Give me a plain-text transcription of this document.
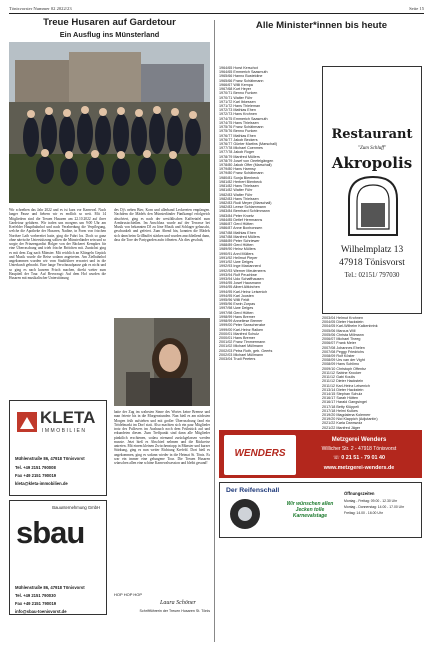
Tönisvorster Nummer 02 2022/23	Seite 15
Treue Husaren auf Gardetour
Ein Ausflug ins Münsterland
Wir schreiben das Jahr 2022 und es ist kurz vor Karneval. Nach langer Pause und fiebern wir es endlich so weit. Mit 14 Mitgliedern sind die Treuen Husaren am 22.10.2022 auf ihrer Gardetour gefahren. Wir trafen uns morgens um 9:00 Uhr am Krefelder Hauptbahnhof und nach Verabredung die Verpflegung, welche die Apotheke der Husaren, Nadine, in Form von frischen Nordsee Laib vorbereitet hatte, ging die Fahrt los. Doch so ganz ohne närrische Unterstützung sollten die Münsterländer sein und so sorgte der Prinzengardist Holger von der Bäckerei Kempkes für eine Überraschung und trieb frische Brötchen mit. Zunächst ging es mit dem Zug nach Münster. Mit reichlich an Klüngeln Gepäck und Musik wurde die Reise sodann angetreten. Am Zielbahnhof angekommen wurden wir vom Stadtführer erwartet und in die Unterkunft gebracht. Eine lange Verschnaufpause gab es nicht und so ging es nach kurzem Frisch machen, direkt weiter zum Hauptteil der Tour. Auf Bevorzugt: Auf dem Hof wurden die Husaren mit musikalischer Unterstützung
des Dj's neben Bier, Korn und allerhand Leckereien empfangen. Nachdem die Mädels den Münsterländer Fünfkampf erfolgreich absolviert, ging es nach der westfälischen Kaffeetafel zum Armbrustschießen. Im Anschluss wurde auf der Terrasse bei Musik von bekannten DJ zu löne Musik und Schlager gelauscht, geschunkelt und gefeiert. Zum Abend hin, konnten die Mädels sich dann beim Grillbuffet stärken und wurden anschließend dann, dass die Tore der Partygarden aufn öffneten. Als dies geschah,
hatte der Zug im wahrsten Sinne des Wortes keine Bremse und man feierte bis in die Morgenstunden. Nun hieß es am nächsten Morgen früh aufstehen und mit großer Überraschung fand ein Trödelmarkt im Dorf statt. Also machten sich ein paar Mitglieder trotz des Pullovers im Ausbauch noch dem Frühstück auf und erkundeten diesen. Zum Treffpunkt sind dann alle Mitglieder pünktlich erschienen, sodass niemand zurückgelassen werden musste. Jetzt hieß es Abschied nehmen und die Rückreise antreten. Mit einem kleinen Zwischenstopp in Münster und kurzer Stärkung, ging es nun weiter Richtung Krefeld. Dort hieß es angekommen, ging es sodann wieder in die Heimat St. Tönis. Es war ein immer eine gelungene Tour. Die Treuen Husaren wünschen allen eine schöne Karnevalssession und bleibt gesund!
HOP HOP HOP
Laura Schöner
Schriftführerin der Treuen Husaren St. Tönis
KLETA
IMMOBILIEN
Mühlenstraße 86, 47918 Tönisvorst
Tel. +49 2151 790008
Fax +49 2151 790019
kleta@kleta-immobilien.de
Bauunternehmung GmbH
sbau
Mühlenstraße 86, 47918 Tönisvorst
Tel. +49 2151 790030
Fax +49 2151 790019
info@sbau-toenisvorst.de
Alle Minister*innen bis heute
1964/65 Horst Kerschot
1964/65 Emmerich Saasmuth
1965/66 Hanno Busteldine
1965/66 Franz Schäbmann
1966/67 Willi Kempa
1967/68 Kurt Heyer
1970/71 Benno Funken
1970/71 Walter Führ
1971/72 Karl Ibkessen
1971/72 Hans Thieleman
1972/73 Mathias Ehen
1972/73 Hans Krohnen
1974/75 Emmerich Saasmuth
1974/75 Hans Thielssen
1975/76 Franz Schäbmann
1975/76 Benno Funken
1976/77 Mathias Ehen
1976/77 Jakob Beckers
1976/77 Günter Martins (Marschall)
1977/78 Michael Coenmes
1977/78 Jakob Roger
1978/79 Manfred Müllers
1978/79 Josef von Oeefelgängen
1978/80 Jakob Offer (Marschall)
1979/80 Hans Harmsy
1979/80 Franz Schäbmann
1980/81 Sonja Bienbeck
1981/82 Herbert Bienbeck
1981/82 Hans Thielssen
1981/82 Walter Führ
1982/83 Walter Führ
1982/83 Hans Thielssen
1982/83 Rudi Meyer (Marschall)
1982/83 Leese Schlammann
1983/84 Bernhard Schlimmann
1983/84 Peter Kroetz
1984/85 Detlef Herrmanns
1986/87 Gerd Hütten
1986/87 Anne Boxhorssen
1987/88 Mathias Ehen
1987/88 Manfred Müllers
1988/89 Peter Schriewer
1988/89 Gerd Hütten
1989/90 Heinz Müllers
1990/91 Anni Müllers
1991/92 Hellmut Pieper
1991/92 Uwe Delges
1992/93 Inge Maxiannerd
1992/93 Werner Meuleneers
1993/94 Rolf Peuchlwe
1993/94 Udo Schaffhausen
1994/95 Josef Hausmann
1994/95 Albert Altkirchen
1994/95 Karl-Heinz Leisenich
1994/95 Karl Joosten
1995/96 Willi Feldt
1995/96 Erwin Zorpas
1997/98 Uwe Delges
1997/98 Gerd Hütten
1998/99 Hans Bremer
1998/99 Anneliese Bremer
1999/00 Peter Sanschenzke
1999/00 Karl-Heinz Raiken
2000/01 Manfred Schulz
2000/01 Hans Bremer
2001/02 Franz Timmermann
2001/02 Michael Müllmann
2002/03 Petra Roth, geb. Geerts
2002/03 Michael Müllmann
2003/04 Trudi Peeters
2003/04 Helmut Krohnen
2004/05 Dieter Hackstein
2004/05 Karl-Wilhelm Kalkenbrink
2005/06 Marcus Will
2005/06 Christa Millmann
2006/07 Michael Theeg
2006/07 Frank Meier
2007/08 Johannes Ehelen
2007/08 Peggy Friedrichs
2008/09 Rolf Köster
2008/09 Urs van der Vight
2008/09 Hans Schlimo
2009/10 Christoph Offenbz
2011/12 Sabine Krocker
2011/12 Gabi Koulis
2011/12 Dieter Hackstein
2011/12 Karl-Heinz Leisenich
2013/14 Dieter Hackstein
2014/15 Stephan Schulz
2016/17 Sarah Hütten
2016/17 Harald Gangsingel
2017/18 Betty Klüppeli
2017/18 Helmi Kulkes
2019/20 Magdalena Kolemerr
2019/20 Nici Klappich (Adjutantin)
2021/22 Karla Dannwolz
2021/22 Manfred Jäger
Restaurant
"Zum Schluff"
Akropolis
Wilhelmplatz 13
47918 Tönisvorst
Tel.: 02151/ 797030
WENDERS
Metzgerei Wenders
Willicher Str. 2 - 47918 Tönisvorst
☏ 0 21 51 - 79 01 40
www.metzgerei-wenders.de
Der Reifenschall
Wir wünschen allen Jecken tolle Karnevalstage
Öffnungszeiten
Montag - Freitag: 09.00 - 12.30 Uhr
Montag - Donnerstag: 14.00 - 17.00 Uhr
Freitag: 14.00 - 16.00 Uhr
